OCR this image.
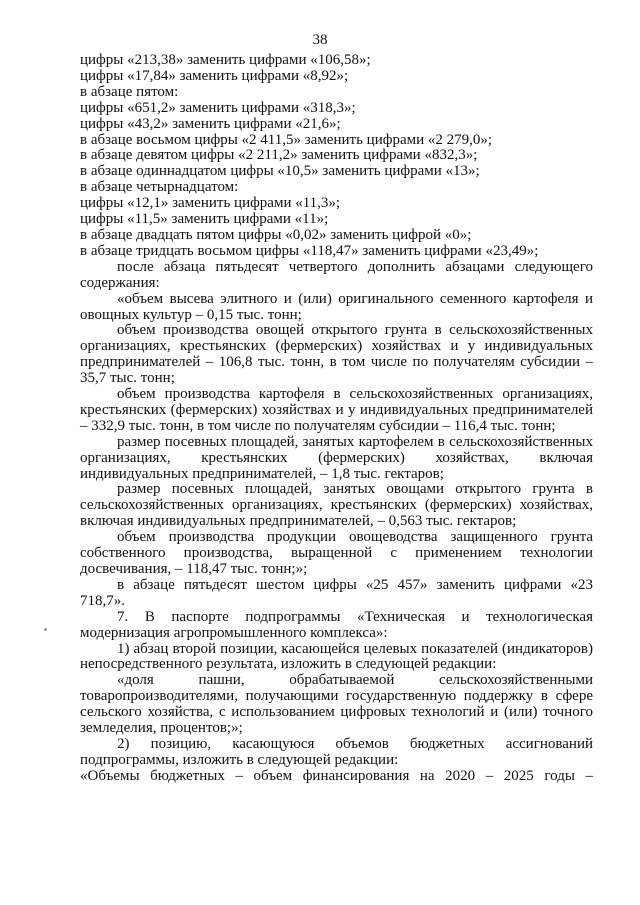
38

цифры «213,38» заменить цифрами «106,58»;

цифры «17,84» заменить цифрами «8,92»;

в абзаце пятом:

цифры «651,2» заменить цифрами «318,3»;

цифры «43,2» заменить цифрами «21,6»;

в абзаце восьмом цифры «2 411,5» заменить цифрами «2 279,0»;

в абзаце девятом цифры «2 211,2» заменить цифрами «832,3»;

в абзаце одиннадцатом цифры «10,5» заменить цифрами «13»;

в абзаце четырнадцатом:

цифры «12,1» заменить цифрами «11,3»;

цифры «11,5» заменить цифрами «11»;

в абзаце двадцать пятом цифры «0,02» заменить цифрой «0»;

в абзаце тридцать восьмом цифры «118,47» заменить цифрами «23,49»;

после абзаца пятьдесят четвертого дополнить абзацами следующего содержания:

«объем высева элитного и (или) оригинального семенного картофеля и овощных культур – 0,15 тыс. тонн;

объем производства овощей открытого грунта в сельскохозяйственных организациях, крестьянских (фермерских) хозяйствах и у индивидуальных предпринимателей – 106,8 тыс. тонн, в том числе по получателям субсидии – 35,7 тыс. тонн;

объем производства картофеля в сельскохозяйственных организациях, крестьянских (фермерских) хозяйствах и у индивидуальных предпринимателей – 332,9 тыс. тонн, в том числе по получателям субсидии – 116,4 тыс. тонн;

размер посевных площадей, занятых картофелем в сельскохозяйственных организациях, крестьянских (фермерских) хозяйствах, включая индивидуальных предпринимателей, – 1,8 тыс. гектаров;

размер посевных площадей, занятых овощами открытого грунта в сельскохозяйственных организациях, крестьянских (фермерских) хозяйствах, включая индивидуальных предпринимателей, – 0,563 тыс. гектаров;

объем производства продукции овощеводства защищенного грунта собственного производства, выращенной с применением технологии досвечивания, – 118,47 тыс. тонн;»;

в абзаце пятьдесят шестом цифры «25 457» заменить цифрами «23 718,7».

7. В паспорте подпрограммы «Техническая и технологическая модернизация агропромышленного комплекса»:

1) абзац второй позиции, касающейся целевых показателей (индикаторов) непосредственного результата, изложить в следующей редакции:

«доля пашни, обрабатываемой сельскохозяйственными товаропроизводителями, получающими государственную поддержку в сфере сельского хозяйства, с использованием цифровых технологий и (или) точного земледелия, процентов;»;

2) позицию, касающуюся объемов бюджетных ассигнований подпрограммы, изложить в следующей редакции:

«Объемы бюджетных – объем финансирования на 2020 – 2025 годы –
